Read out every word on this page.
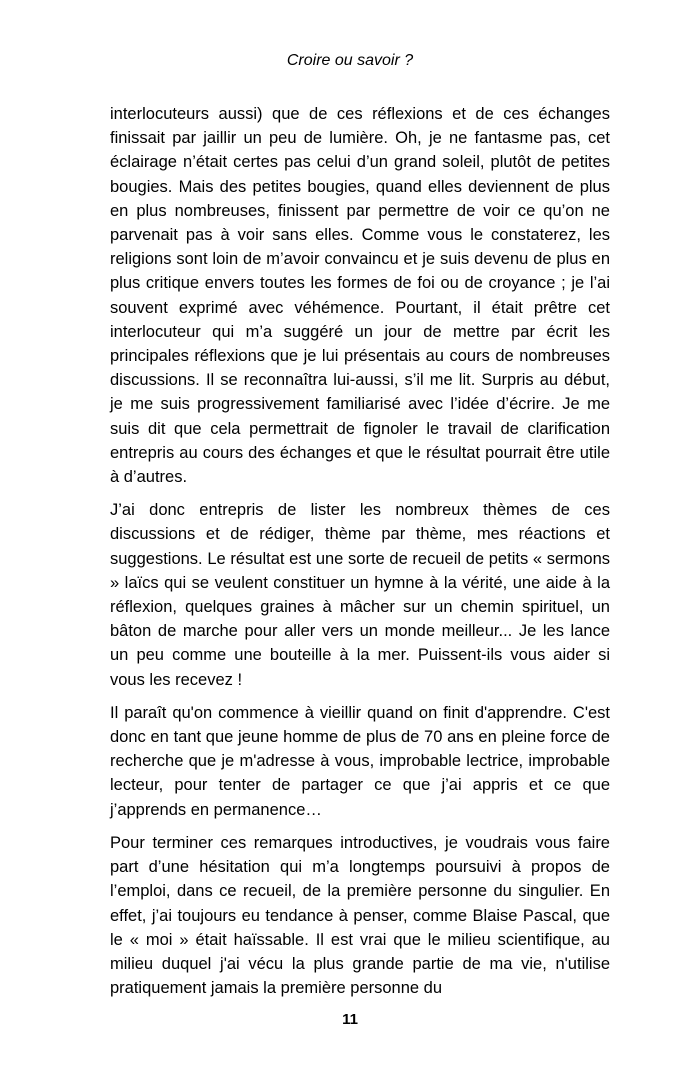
Croire ou savoir ?

interlocuteurs aussi) que de ces réflexions et de ces échanges finissait par jaillir un peu de lumière. Oh, je ne fantasme pas, cet éclairage n’était certes pas celui d’un grand soleil, plutôt de petites bougies. Mais des petites bougies, quand elles deviennent de plus en plus nombreuses, finissent par permettre de voir ce qu’on ne parvenait pas à voir sans elles. Comme vous le constaterez, les religions sont loin de m’avoir convaincu et je suis devenu de plus en plus critique envers toutes les formes de foi ou de croyance ; je l’ai souvent exprimé avec véhémence. Pourtant, il était prêtre cet interlocuteur qui m’a suggéré un jour de mettre par écrit les principales réflexions que je lui présentais au cours de nombreuses discussions. Il se reconnaîtra lui-aussi, s’il me lit. Surpris au début, je me suis progressivement familiarisé avec l’idée d’écrire. Je me suis dit que cela permettrait de fignoler le travail de clarification entrepris au cours des échanges et que le résultat pourrait être utile à d’autres.

J’ai donc entrepris de lister les nombreux thèmes de ces discussions et de rédiger, thème par thème, mes réactions et suggestions. Le résultat est une sorte de recueil de petits « sermons » laïcs qui se veulent constituer un hymne à la vérité, une aide à la réflexion, quelques graines à mâcher sur un chemin spirituel, un bâton de marche pour aller vers un monde meilleur... Je les lance un peu comme une bouteille à la mer. Puissent-ils vous aider si vous les recevez !

Il paraît qu'on commence à vieillir quand on finit d'apprendre. C'est donc en tant que jeune homme de plus de 70 ans en pleine force de recherche que je m'adresse à vous, improbable lectrice, improbable lecteur, pour tenter de partager ce que j’ai appris et ce que j’apprends en permanence…

Pour terminer ces remarques introductives, je voudrais vous faire part d’une hésitation qui m’a longtemps poursuivi à propos de l’emploi, dans ce recueil, de la première personne du singulier. En effet, j’ai toujours eu tendance à penser, comme Blaise Pascal, que le « moi » était haïssable. Il est vrai que le milieu scientifique, au milieu duquel j'ai vécu la plus grande partie de ma vie, n'utilise pratiquement jamais la première personne du

11
